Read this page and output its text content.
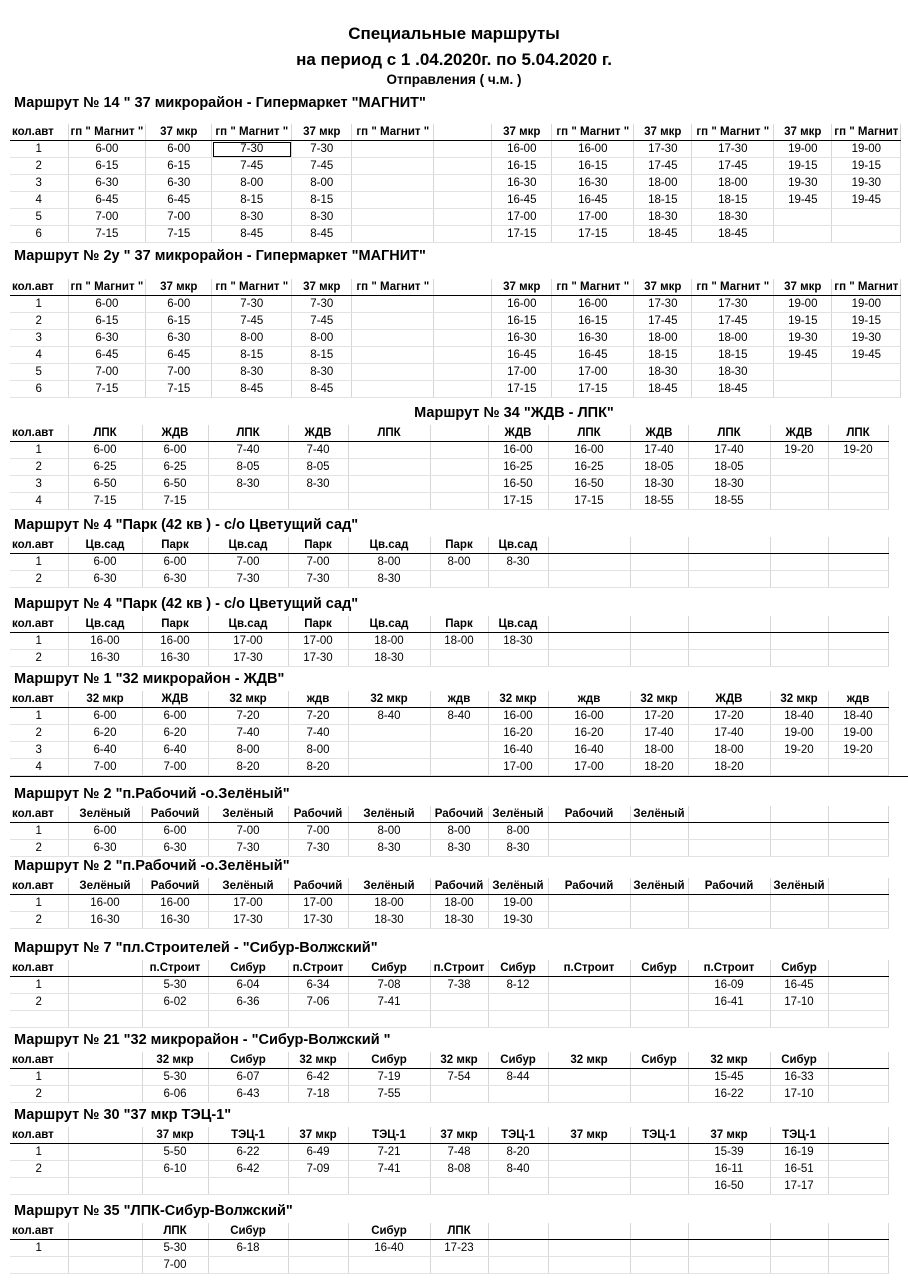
Специальные маршруты
на период с 1 .04.2020г. по 5.04.2020 г.
Отправления ( ч.м. )
Маршрут № 14 " 37 микрорайон - Гипермаркет "МАГНИТ"
кол.авт	гп " Магнит "	37 мкр	гп " Магнит "	37 мкр	гп " Магнит "		37 мкр	гп " Магнит "	37 мкр	гп " Магнит "	37 мкр	гп " Магнит
1	6-00	6-00	7-30	7-30			16-00	16-00	17-30	17-30	19-00	19-00
2	6-15	6-15	7-45	7-45			16-15	16-15	17-45	17-45	19-15	19-15
3	6-30	6-30	8-00	8-00			16-30	16-30	18-00	18-00	19-30	19-30
4	6-45	6-45	8-15	8-15			16-45	16-45	18-15	18-15	19-45	19-45
5	7-00	7-00	8-30	8-30			17-00	17-00	18-30	18-30		
6	7-15	7-15	8-45	8-45			17-15	17-15	18-45	18-45		
Маршрут № 2у " 37 микрорайон - Гипермаркет "МАГНИТ"
кол.авт	гп " Магнит "	37 мкр	гп " Магнит "	37 мкр	гп " Магнит "		37 мкр	гп " Магнит "	37 мкр	гп " Магнит "	37 мкр	гп " Магнит
1	6-00	6-00	7-30	7-30			16-00	16-00	17-30	17-30	19-00	19-00
2	6-15	6-15	7-45	7-45			16-15	16-15	17-45	17-45	19-15	19-15
3	6-30	6-30	8-00	8-00			16-30	16-30	18-00	18-00	19-30	19-30
4	6-45	6-45	8-15	8-15			16-45	16-45	18-15	18-15	19-45	19-45
5	7-00	7-00	8-30	8-30			17-00	17-00	18-30	18-30		
6	7-15	7-15	8-45	8-45			17-15	17-15	18-45	18-45		
Маршрут № 34 "ЖДВ - ЛПК"
кол.авт	ЛПК	ЖДВ	ЛПК	ЖДВ	ЛПК		ЖДВ	ЛПК	ЖДВ	ЛПК	ЖДВ	ЛПК
1	6-00	6-00	7-40	7-40			16-00	16-00	17-40	17-40	19-20	19-20
2	6-25	6-25	8-05	8-05			16-25	16-25	18-05	18-05		
3	6-50	6-50	8-30	8-30			16-50	16-50	18-30	18-30		
4	7-15	7-15					17-15	17-15	18-55	18-55		
Маршрут № 4 "Парк (42 кв ) - с/о Цветущий сад"
кол.авт	Цв.сад	Парк	Цв.сад	Парк	Цв.сад	Парк	Цв.сад					
1	6-00	6-00	7-00	7-00	8-00	8-00	8-30					
2	6-30	6-30	7-30	7-30	8-30							
Маршрут № 4 "Парк (42 кв ) - с/о Цветущий сад"
кол.авт	Цв.сад	Парк	Цв.сад	Парк	Цв.сад	Парк	Цв.сад					
1	16-00	16-00	17-00	17-00	18-00	18-00	18-30					
2	16-30	16-30	17-30	17-30	18-30							
Маршрут № 1 "32 микрорайон - ЖДВ"
кол.авт	32 мкр	ЖДВ	32 мкр	ждв	32 мкр	ждв	32 мкр	ждв	32 мкр	ЖДВ	32 мкр	ждв
1	6-00	6-00	7-20	7-20	8-40	8-40	16-00	16-00	17-20	17-20	18-40	18-40
2	6-20	6-20	7-40	7-40			16-20	16-20	17-40	17-40	19-00	19-00
3	6-40	6-40	8-00	8-00			16-40	16-40	18-00	18-00	19-20	19-20
4	7-00	7-00	8-20	8-20			17-00	17-00	18-20	18-20		
Маршрут № 2 "п.Рабочий -о.Зелёный"
кол.авт	Зелёный	Рабочий	Зелёный	Рабочий	Зелёный	Рабочий	Зелёный	Рабочий	Зелёный			
1	6-00	6-00	7-00	7-00	8-00	8-00	8-00					
2	6-30	6-30	7-30	7-30	8-30	8-30	8-30					
Маршрут № 2 "п.Рабочий -о.Зелёный"
кол.авт	Зелёный	Рабочий	Зелёный	Рабочий	Зелёный	Рабочий	Зелёный	Рабочий	Зелёный	Рабочий	Зелёный	
1	16-00	16-00	17-00	17-00	18-00	18-00	19-00					
2	16-30	16-30	17-30	17-30	18-30	18-30	19-30					
Маршрут № 7 "пл.Строителей - "Сибур-Волжский"
кол.авт		п.Строит	Сибур	п.Строит	Сибур	п.Строит	Сибур	п.Строит	Сибур	п.Строит	Сибур	
1		5-30	6-04	6-34	7-08	7-38	8-12			16-09	16-45	
2		6-02	6-36	7-06	7-41					16-41	17-10	

Маршрут № 21 "32 микрорайон - "Сибур-Волжский "
кол.авт		32 мкр	Сибур	32 мкр	Сибур	32 мкр	Сибур	32 мкр	Сибур	32 мкр	Сибур	
1		5-30	6-07	6-42	7-19	7-54	8-44			15-45	16-33	
2		6-06	6-43	7-18	7-55					16-22	17-10	
Маршрут № 30 "37 мкр ТЭЦ-1"
кол.авт		37 мкр	ТЭЦ-1	37 мкр	ТЭЦ-1	37 мкр	ТЭЦ-1	37 мкр	ТЭЦ-1	37 мкр	ТЭЦ-1	
1		5-50	6-22	6-49	7-21	7-48	8-20			15-39	16-19	
2		6-10	6-42	7-09	7-41	8-08	8-40			16-11	16-51	
										16-50	17-17	
Маршрут № 35 "ЛПК-Сибур-Волжский"
кол.авт		ЛПК	Сибур		Сибур	ЛПК						
1		5-30	6-18		16-40	17-23						
		7-00										
